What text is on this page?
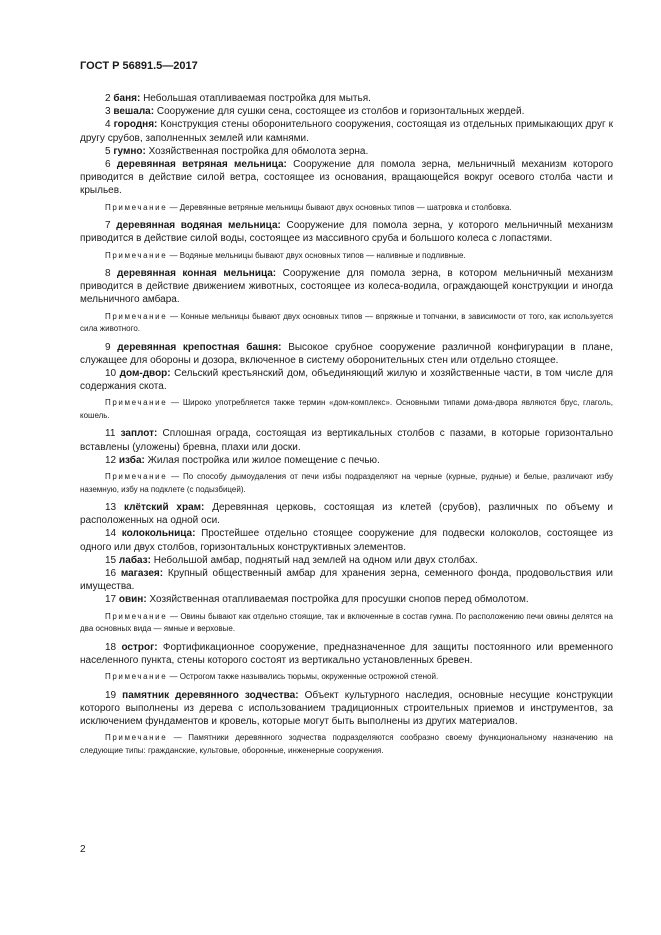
ГОСТ Р 56891.5—2017

2 баня: Небольшая отапливаемая постройка для мытья.

3 вешала: Сооружение для сушки сена, состоящее из столбов и горизонтальных жердей.

4 городня: Конструкция стены оборонительного сооружения, состоящая из отдельных примыкающих друг к другу срубов, заполненных землей или камнями.

5 гумно: Хозяйственная постройка для обмолота зерна.

6 деревянная ветряная мельница: Сооружение для помола зерна, мельничный механизм которого приводится в действие силой ветра, состоящее из основания, вращающейся вокруг осевого столба части и крыльев.

Примечание — Деревянные ветряные мельницы бывают двух основных типов — шатровка и столбовка.

7 деревянная водяная мельница: Сооружение для помола зерна, у которого мельничный механизм приводится в действие силой воды, состоящее из массивного сруба и большого колеса с лопастями.

Примечание — Водяные мельницы бывают двух основных типов — наливные и подливные.

8 деревянная конная мельница: Сооружение для помола зерна, в котором мельничный механизм приводится в действие движением животных, состоящее из колеса-водила, ограждающей конструкции и иногда мельничного амбара.

Примечание — Конные мельницы бывают двух основных типов — впряжные и топчанки, в зависимости от того, как используется сила животного.

9 деревянная крепостная башня: Высокое срубное сооружение различной конфигурации в плане, служащее для обороны и дозора, включенное в систему оборонительных стен или отдельно стоящее.

10 дом-двор: Сельский крестьянский дом, объединяющий жилую и хозяйственные части, в том числе для содержания скота.

Примечание — Широко употребляется также термин «дом-комплекс». Основными типами дома-двора являются брус, глаголь, кошель.

11 заплот: Сплошная ограда, состоящая из вертикальных столбов с пазами, в которые горизонтально вставлены (уложены) бревна, плахи или доски.

12 изба: Жилая постройка или жилое помещение с печью.

Примечание — По способу дымоудаления от печи избы подразделяют на черные (курные, рудные) и белые, различают избу наземную, избу на подклете (с подызбицей).

13 клётский храм: Деревянная церковь, состоящая из клетей (срубов), различных по объему и расположенных на одной оси.

14 колокольница: Простейшее отдельно стоящее сооружение для подвески колоколов, состоящее из одного или двух столбов, горизонтальных конструктивных элементов.

15 лабаз: Небольшой амбар, поднятый над землей на одном или двух столбах.

16 магазея: Крупный общественный амбар для хранения зерна, семенного фонда, продовольствия или имущества.

17 овин: Хозяйственная отапливаемая постройка для просушки снопов перед обмолотом.

Примечание — Овины бывают как отдельно стоящие, так и включенные в состав гумна. По расположению печи овины делятся на два основных вида — ямные и верховые.

18 острог: Фортификационное сооружение, предназначенное для защиты постоянного или временного населенного пункта, стены которого состоят из вертикально установленных бревен.

Примечание — Острогом также назывались тюрьмы, окруженные острожной стеной.

19 памятник деревянного зодчества: Объект культурного наследия, основные несущие конструкции которого выполнены из дерева с использованием традиционных строительных приемов и инструментов, за исключением фундаментов и кровель, которые могут быть выполнены из других материалов.

Примечание — Памятники деревянного зодчества подразделяются сообразно своему функциональному назначению на следующие типы: гражданские, культовые, оборонные, инженерные сооружения.

2
